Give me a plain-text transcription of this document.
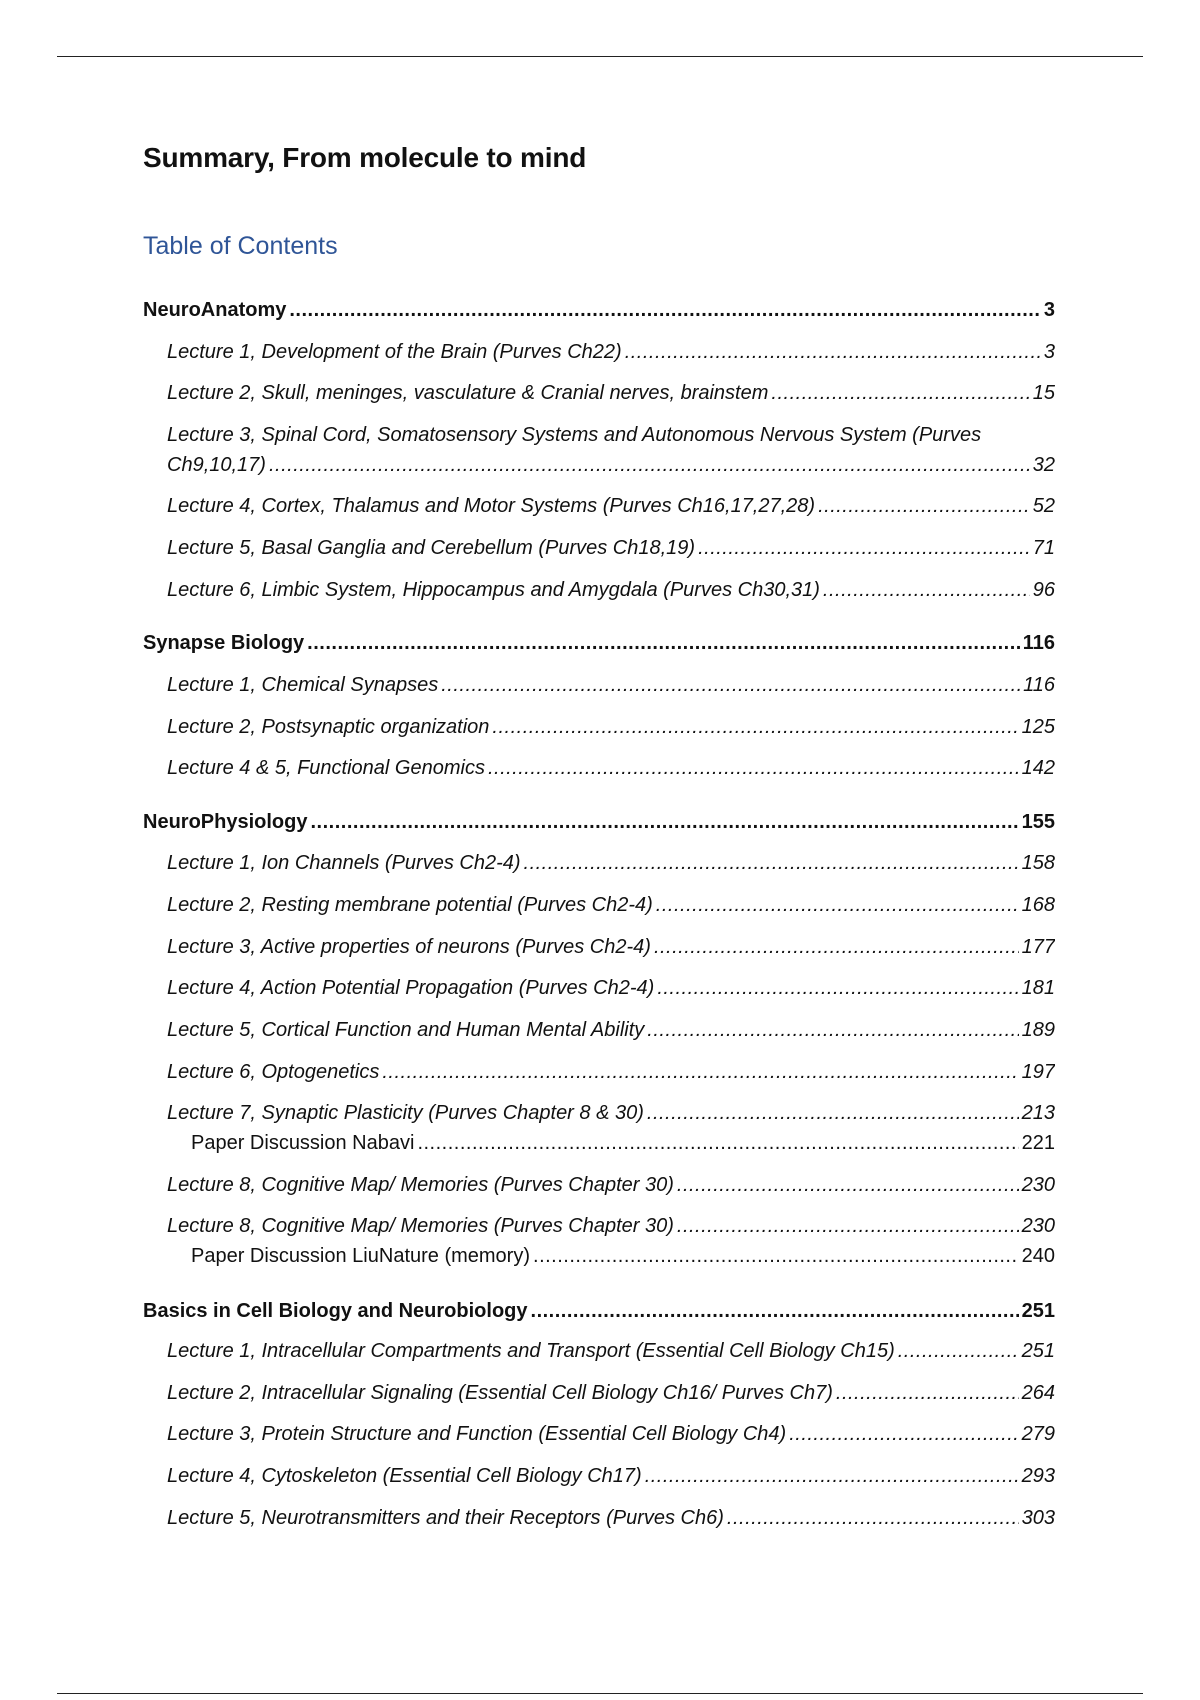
Summary, From molecule to mind
Table of Contents
NeuroAnatomy .....	3
Lecture 1, Development of the Brain (Purves Ch22) .....	3
Lecture 2, Skull, meninges, vasculature & Cranial nerves, brainstem .....	15
Lecture 3, Spinal Cord, Somatosensory Systems and Autonomous Nervous System (Purves
Ch9,10,17) .....	32
Lecture 4, Cortex, Thalamus and Motor Systems (Purves Ch16,17,27,28) .....	52
Lecture 5, Basal Ganglia and Cerebellum (Purves Ch18,19) .....	71
Lecture 6, Limbic System, Hippocampus and Amygdala (Purves Ch30,31) .....	96
Synapse Biology .....	116
Lecture 1, Chemical Synapses .....	116
Lecture 2, Postsynaptic organization .....	125
Lecture 4 & 5, Functional Genomics .....	142
NeuroPhysiology .....	155
Lecture 1, Ion Channels (Purves Ch2-4) .....	158
Lecture 2, Resting membrane potential (Purves Ch2-4) .....	168
Lecture 3, Active properties of neurons (Purves Ch2-4) .....	177
Lecture 4, Action Potential Propagation (Purves Ch2-4) .....	181
Lecture 5, Cortical Function and Human Mental Ability .....	189
Lecture 6, Optogenetics .....	197
Lecture 7, Synaptic Plasticity (Purves Chapter 8 & 30) .....	213
Paper Discussion Nabavi .....	221
Lecture 8, Cognitive Map/ Memories (Purves Chapter 30) .....	230
Lecture 8, Cognitive Map/ Memories (Purves Chapter 30) .....	230
Paper Discussion LiuNature (memory) .....	240
Basics in Cell Biology and Neurobiology .....	251
Lecture 1, Intracellular Compartments and Transport (Essential Cell Biology Ch15) .....	251
Lecture 2, Intracellular Signaling (Essential Cell Biology Ch16/ Purves Ch7) .....	264
Lecture 3, Protein Structure and Function (Essential Cell Biology Ch4) .....	279
Lecture 4, Cytoskeleton (Essential Cell Biology Ch17) .....	293
Lecture 5, Neurotransmitters and their Receptors (Purves Ch6) .....	303
